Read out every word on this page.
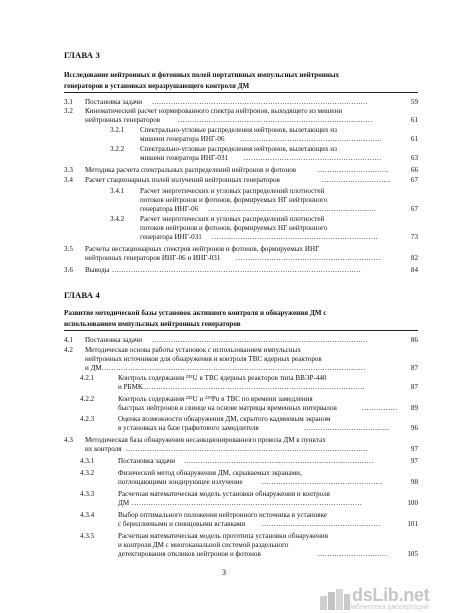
ГЛАВА 3
Исследование нейтронных и фотонных полей портативных импульсных нейтронных
генераторов в установках неразрушающего контроля ДМ
3.1 Постановка задачи ...........................................................................................	59
3.2 Кинематический расчет нормированного спектра нейтронов, выходящего из мишени
нейтронных генераторов	..................................................................................	61
3.2.1 Спектрально-угловые распределения нейтронов, вылетающих из
мишени генератора ИНГ-06 ............................................................	61
3.2.2 Спектрально-угловые распределения нейтронов, вылетающих из
мишени генератора ИНГ-031 ..........................................................	63
3.3 Методика расчета спектральных распределений нейтронов и фотонов	..............................	66
3.4 Расчет стационарных полей излучений нейтронных генераторов	.............................	67
3.4.1 Расчет энергетических и угловых распределений плотностей
потоков нейтронов и фотонов, формируемых НГ нейтронного
генератора ИНГ-06 .......................................................................	67
3.4.2 Расчет энергетических и угловых распределений плотностей
потоков нейтронов и фотонов, формируемых НГ нейтронного
генератора ИНГ-031 ......................................................................	73
3.5 Расчеты нестационарных спектров нейтронов и фотонов, формируемых ИНГ
нейтронных генераторов ИНГ-06 и ИНГ-031 .............................................................	82
3.6 Выводы .........................................................................................................	84
ГЛАВА 4
Развитие методической базы установок активного контроля и обнаружения ДМ с
использованием импульсных нейтронных генераторов
4.1 Постановка задачи ...........................................................................................	86
4.2 Методическая основа работы установок с использованием импульсных
нейтронных источников для обнаружения и контроля ТВС ядерных реакторов
и ДМ ...............................................................................................................	87
4.2.1	Контроль содержания ²³⁵U в ТВС ядерных реакторов типа ВВЭР-440
и РБМК ..............................................................................................	87
4.2.2	Контроль содержания ²³⁵U и ²³⁹Pu в ТВС по времени замедления
быстрых нейтронов в свинце на основе матрицы временных интервалов	...............	89
4.2.3	Оценка возможности обнаружения ДМ, скрытого кадмиевым экраном
в установках на базе графитового замедлителя	....................................	96
4.3 Методическая база обнаружения несанкционированного провоза ДМ в пунктах
их контроля ......................................................................................................	97
4.3.1	Постановка задачи ................................................................................	97
4.3.2	Физический метод обнаружения ДМ, скрываемых экранами,
поглощающими зондирующее излучение	...................................................	98
4.3.3	Расчетная математическая модель установки обнаружения и контроля
ДМ .................................................................................................	100
4.3.4	Выбор оптимального положения нейтронного источника в установке
с бериллиевыми и свинцовыми вставками ..................................................	101
4.3.5	Расчетная математическая модель прототипа установки обнаружения
и контроля ДМ с многоканальной системой раздельного
детектирования откликов нейтронов и фотонов	.............................	105
3
dsLib.net
библиотека диссертаций
